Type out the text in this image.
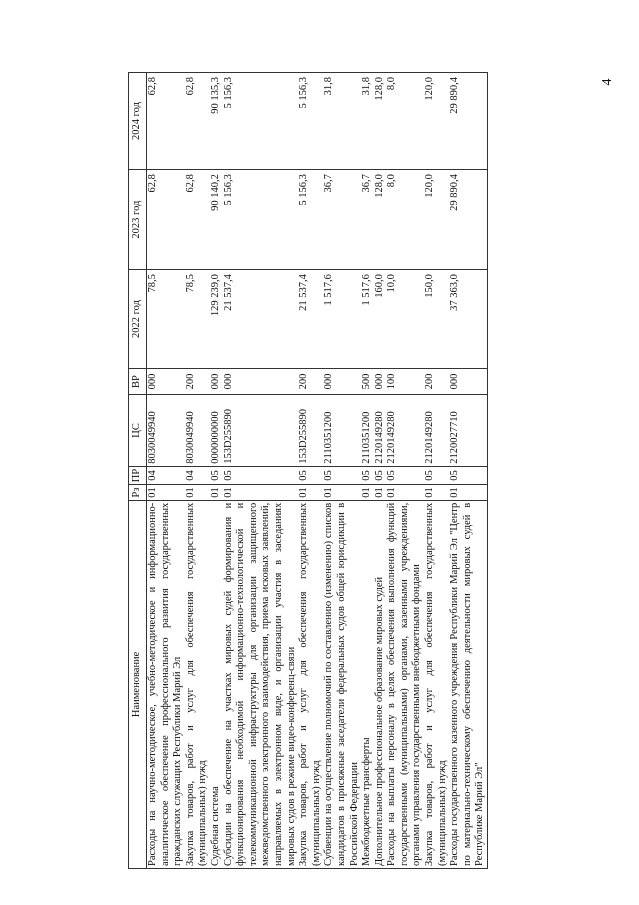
4
Наименование	Рз	ПР	ЦС	ВР	2022 год	2023 год	2024 год
Расходы на научно-методическое, учебно-методическое и информационно-аналитическое обеспечение профессионального развития государственных гражданских служащих Республики Марий Эл	01	04	8030049940	000	78,5	62,8	62,8
Закупка товаров, работ и услуг для обеспечения государственных (муниципальных) нужд	01	04	8030049940	200	78,5	62,8	62,8
Судебная система	01	05	0000000000	000	129 239,0	90 140,2	90 135,3
Субсидии на обеспечение на участках мировых судей формирования и функционирования необходимой информационно-технологической и телекоммуникационной инфраструктуры для организации защищенного межведомственного электронного взаимодействия, приема исковых заявлений, направляемых в электронном виде, и организации участия в заседаниях мировых судов в режиме видео-конференц-связи	01	05	153D255890	000	21 537,4	5 156,3	5 156,3
Закупка товаров, работ и услуг для обеспечения государственных (муниципальных) нужд	01	05	153D255890	200	21 537,4	5 156,3	5 156,3
Субвенции на осуществление полномочий по составлению (изменению) списков кандидатов в присяжные заседатели федеральных судов общей юрисдикции в Российской Федерации	01	05	2110351200	000	1 517,6	36,7	31,8
Межбюджетные трансферты	01	05	2110351200	500	1 517,6	36,7	31,8
Дополнительное профессиональное образование мировых судей	01	05	2120149280	000	160,0	128,0	128,0
Расходы на выплаты персоналу в целях обеспечения выполнения функций государственными (муниципальными) органами, казенными учреждениями, органами управления государственными внебюджетными фондами	01	05	2120149280	100	10,0	8,0	8,0
Закупка товаров, работ и услуг для обеспечения государственных (муниципальных) нужд	01	05	2120149280	200	150,0	120,0	120,0
Расходы государственного казенного учреждения Республики Марий Эл "Центр по материально-техническому обеспечению деятельности мировых судей в Республике Марий Эл"	01	05	2120027710	000	37 363,0	29 890,4	29 890,4
